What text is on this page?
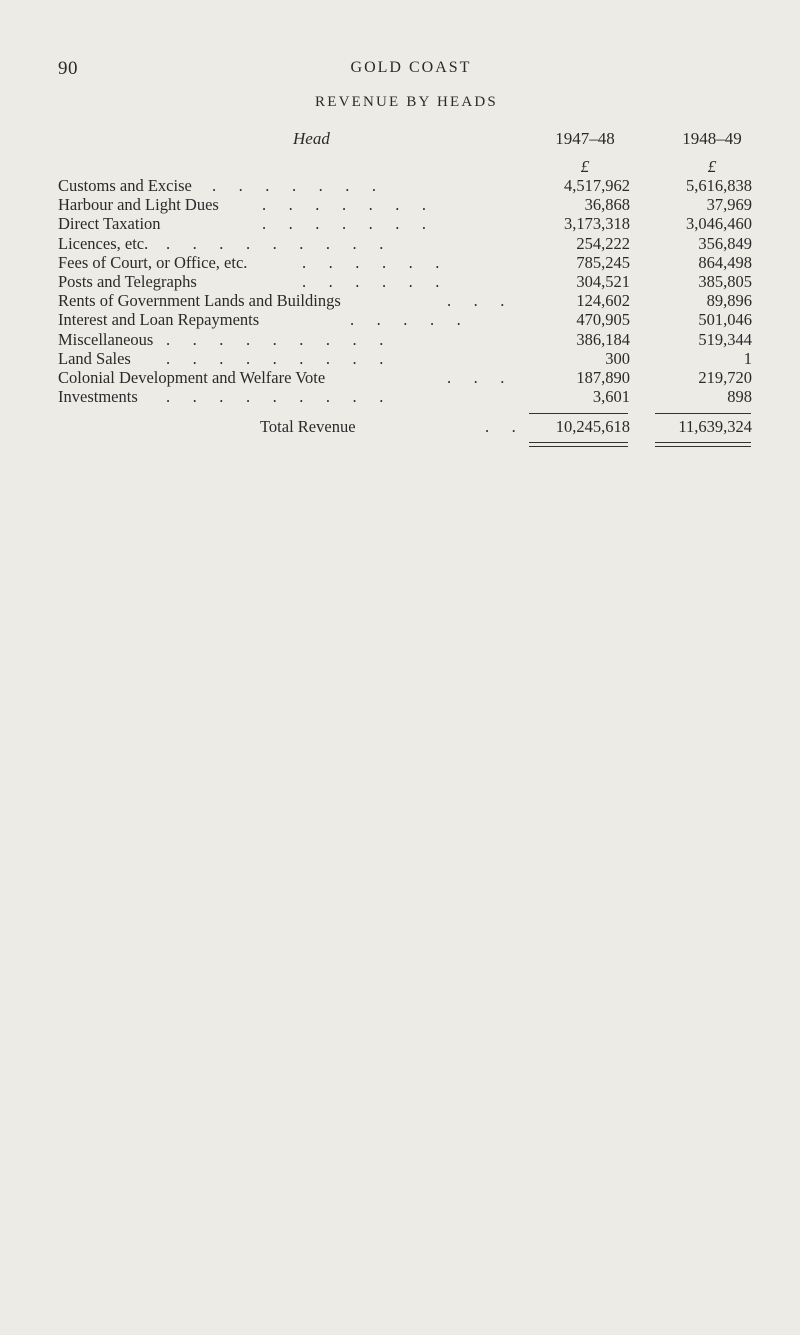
90	GOLD COAST
REVENUE BY HEADS
Head	1947–48	1948–49
£	£
Customs and Excise . . . . . . .	4,517,962	5,616,838
Harbour and Light Dues	. . . . . . .	36,868	37,969
Direct Taxation	. . . . . . .	3,173,318	3,046,460
Licences, etc. . . . . . . . . .	254,222	356,849
Fees of Court, or Office, etc.	. . . . . .	785,245	864,498
Posts and Telegraphs	. . . . . .	304,521	385,805
Rents of Government Lands and Buildings	. . .	124,602	89,896
Interest and Loan Repayments	. . . . .	470,905	501,046
Miscellaneous . . . . . . . . .	386,184	519,344
Land Sales . . . . . . . . .	300	1
Colonial Development and Welfare Vote	. . .	187,890	219,720
Investments . . . . . . . . .	3,601	898
Total Revenue	. .	10,245,618	11,639,324
